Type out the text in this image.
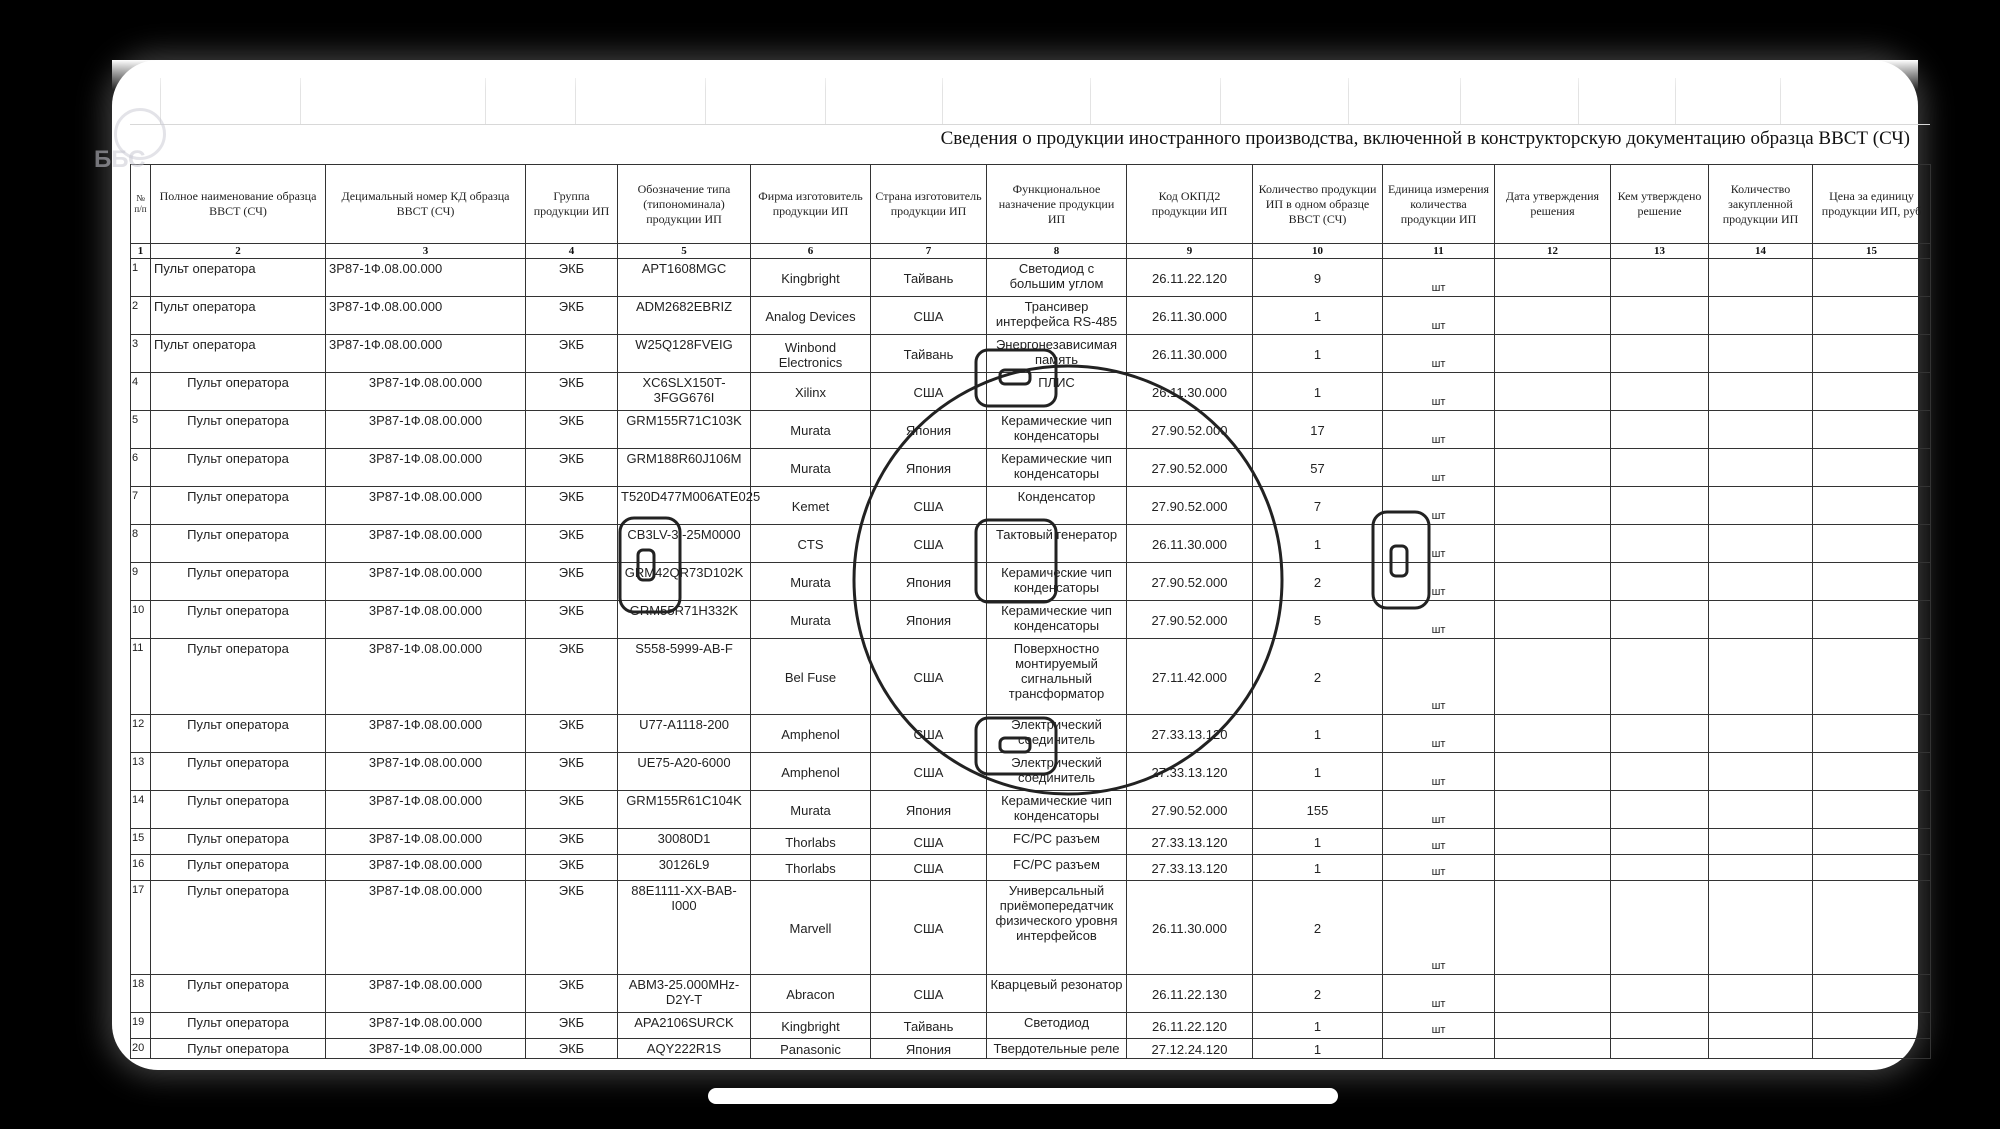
Сведения о продукции иностранного производства, включенной в конструкторскую документацию образца ВВСТ (СЧ)
№ п/п	Полное наименование образца ВВСТ (СЧ)	Децимальный номер КД образца ВВСТ (СЧ)	Группа продукции ИП	Обозначение типа (типономинала) продукции ИП	Фирма изготовитель продукции ИП	Страна изготовитель продукции ИП	Функциональное назначение продукции ИП	Код ОКПД2 продукции ИП	Количество продукции ИП в одном образце ВВСТ (СЧ)	Единица измерения количества продукции ИП	Дата утверждения решения	Кем утверждено решение	Количество закупленной продукции ИП	Цена за единицу продукции ИП, руб
1	2	3	4	5	6	7	8	9	10	11	12	13	14	15
1	Пульт оператора	3Р87-1Ф.08.00.000	ЭКБ	APT1608MGC	Kingbright	Тайвань	Светодиод с большим углом	26.11.22.120	9	шт				
2	Пульт оператора	3Р87-1Ф.08.00.000	ЭКБ	ADM2682EBRIZ	Analog Devices	США	Трансивер интерфейса RS-485	26.11.30.000	1	шт				
3	Пульт оператора	3Р87-1Ф.08.00.000	ЭКБ	W25Q128FVEIG	Winbond Electronics	Тайвань	Энергонезависимая память	26.11.30.000	1	шт				
4	Пульт оператора	3Р87-1Ф.08.00.000	ЭКБ	XC6SLX150T-3FGG676I	Xilinx	США	ПЛИС	26.11.30.000	1	шт				
5	Пульт оператора	3Р87-1Ф.08.00.000	ЭКБ	GRM155R71C103K	Murata	Япония	Керамические чип конденсаторы	27.90.52.000	17	шт				
6	Пульт оператора	3Р87-1Ф.08.00.000	ЭКБ	GRM188R60J106M	Murata	Япония	Керамические чип конденсаторы	27.90.52.000	57	шт				
7	Пульт оператора	3Р87-1Ф.08.00.000	ЭКБ	T520D477M006ATE025	Kemet	США	Конденсатор	27.90.52.000	7	шт				
8	Пульт оператора	3Р87-1Ф.08.00.000	ЭКБ	CB3LV-3I-25M0000	CTS	США	Тактовый генератор	26.11.30.000	1	шт				
9	Пульт оператора	3Р87-1Ф.08.00.000	ЭКБ	GRM42QR73D102K	Murata	Япония	Керамические чип конденсаторы	27.90.52.000	2	шт				
10	Пульт оператора	3Р87-1Ф.08.00.000	ЭКБ	GRM55R71H332K	Murata	Япония	Керамические чип конденсаторы	27.90.52.000	5	шт				
11	Пульт оператора	3Р87-1Ф.08.00.000	ЭКБ	S558-5999-AB-F	Bel Fuse	США	Поверхностно монтируемый сигнальный трансформатор	27.11.42.000	2	шт				
12	Пульт оператора	3Р87-1Ф.08.00.000	ЭКБ	U77-A1118-200	Amphenol	США	Электрический соединитель	27.33.13.120	1	шт				
13	Пульт оператора	3Р87-1Ф.08.00.000	ЭКБ	UE75-A20-6000	Amphenol	США	Электрический соединитель	27.33.13.120	1	шт				
14	Пульт оператора	3Р87-1Ф.08.00.000	ЭКБ	GRM155R61C104K	Murata	Япония	Керамические чип конденсаторы	27.90.52.000	155	шт				
15	Пульт оператора	3Р87-1Ф.08.00.000	ЭКБ	30080D1	Thorlabs	США	FC/PC разъем	27.33.13.120	1	шт				
16	Пульт оператора	3Р87-1Ф.08.00.000	ЭКБ	30126L9	Thorlabs	США	FC/PC разъем	27.33.13.120	1	шт				
17	Пульт оператора	3Р87-1Ф.08.00.000	ЭКБ	88E1111-XX-BAB-I000	Marvell	США	Универсальный приёмопередатчик физического уровня интерфейсов	26.11.30.000	2	шт				
18	Пульт оператора	3Р87-1Ф.08.00.000	ЭКБ	ABM3-25.000MHz-D2Y-T	Abracon	США	Кварцевый резонатор	26.11.22.130	2	шт				
19	Пульт оператора	3Р87-1Ф.08.00.000	ЭКБ	APA2106SURCK	Kingbright	Тайвань	Светодиод	26.11.22.120	1	шт				
20	Пульт оператора	3Р87-1Ф.08.00.000	ЭКБ	AQY222R1S	Panasonic	Япония	Твердотельные реле	27.12.24.120	1					
ББС
